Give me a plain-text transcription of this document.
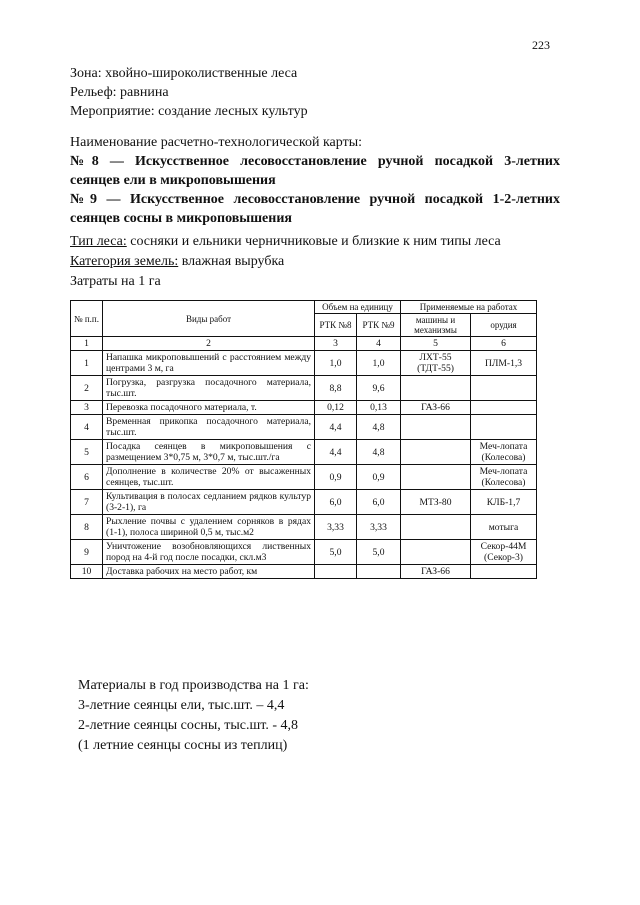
223
Зона: хвойно-широколиственные леса
Рельеф: равнина
Мероприятие: создание лесных культур
Наименование расчетно-технологической карты:
№8 — Искусственное лесовосстановление ручной посадкой 3-летних сеянцев ели в микроповышения
№9 — Искусственное лесовосстановление ручной посадкой 1-2-летних сеянцев сосны в микроповышения
Тип леса: сосняки и ельники черничниковые и близкие к ним типы леса
Категория земель: влажная вырубка
Затраты на 1 га
№ п.п.	Виды работ	Объем на единицу		Применяемые на работах	
		РТК №8	РТК №9	машины и механизмы	орудия
1	2	3	4	5	6
1	Напашка микроповышений с расстоянием между центрами 3 м, га	1,0	1,0	ЛХТ-55 (ТДТ-55)	ПЛМ-1,3
2	Погрузка, разгрузка посадочного материала, тыс.шт.	8,8	9,6		
3	Перевозка посадочного материала, т.	0,12	0,13	ГАЗ-66	
4	Временная прикопка посадочного материала, тыс.шт.	4,4	4,8		
5	Посадка сеянцев в микроповышения с размещением 3*0,75 м, 3*0,7 м, тыс.шт./га	4,4	4,8		Меч-лопата (Колесова)
6	Дополнение в количестве 20% от высаженных сеянцев, тыс.шт.	0,9	0,9		Меч-лопата (Колесова)
7	Культивация в полосах седланием рядков культур (3-2-1), га	6,0	6,0	МТЗ-80	КЛБ-1,7
8	Рыхление почвы с удалением сорняков в рядах (1-1), полоса шириной 0,5 м, тыс.м2	3,33	3,33		мотыга
9	Уничтожение возобновляющихся лиственных пород на 4-й год после посадки, скл.м3	5,0	5,0		Секор-44М (Секор-3)
10	Доставка рабочих на место работ, км			ГАЗ-66	
Материалы в год производства на 1 га:
3-летние сеянцы ели, тыс.шт. – 4,4
2-летние сеянцы сосны, тыс.шт. - 4,8
(1 летние сеянцы сосны из теплиц)
